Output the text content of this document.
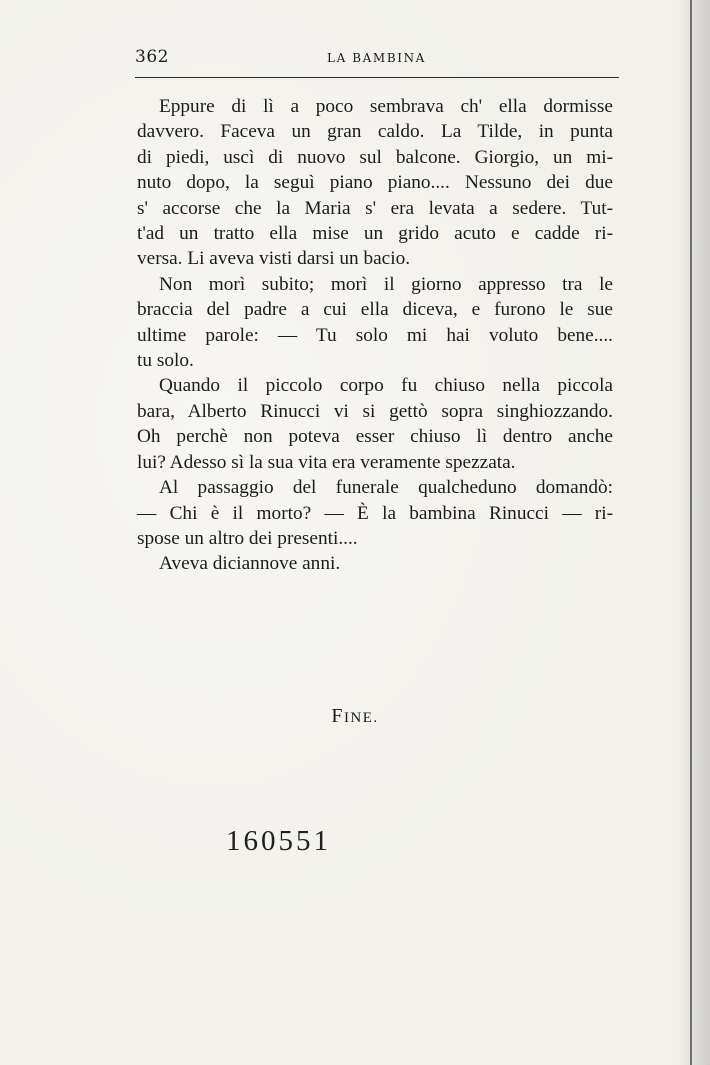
362	LA BAMBINA
Eppure di lì a poco sembrava ch' ella dormisse
davvero. Faceva un gran caldo. La Tilde, in punta
di piedi, uscì di nuovo sul balcone. Giorgio, un mi-
nuto dopo, la seguì piano piano.... Nessuno dei due
s' accorse che la Maria s' era levata a sedere. Tut-
t'ad un tratto ella mise un grido acuto e cadde ri-
versa. Li aveva visti darsi un bacio.
Non morì subito; morì il giorno appresso tra le
braccia del padre a cui ella diceva, e furono le sue
ultime parole: — Tu solo mi hai voluto bene....
tu solo.
Quando il piccolo corpo fu chiuso nella piccola
bara, Alberto Rinucci vi si gettò sopra singhiozzando.
Oh perchè non poteva esser chiuso lì dentro anche
lui? Adesso sì la sua vita era veramente spezzata.
Al passaggio del funerale qualcheduno domandò:
— Chi è il morto? — È la bambina Rinucci — ri-
spose un altro dei presenti....
Aveva diciannove anni.
FINE.
160551
